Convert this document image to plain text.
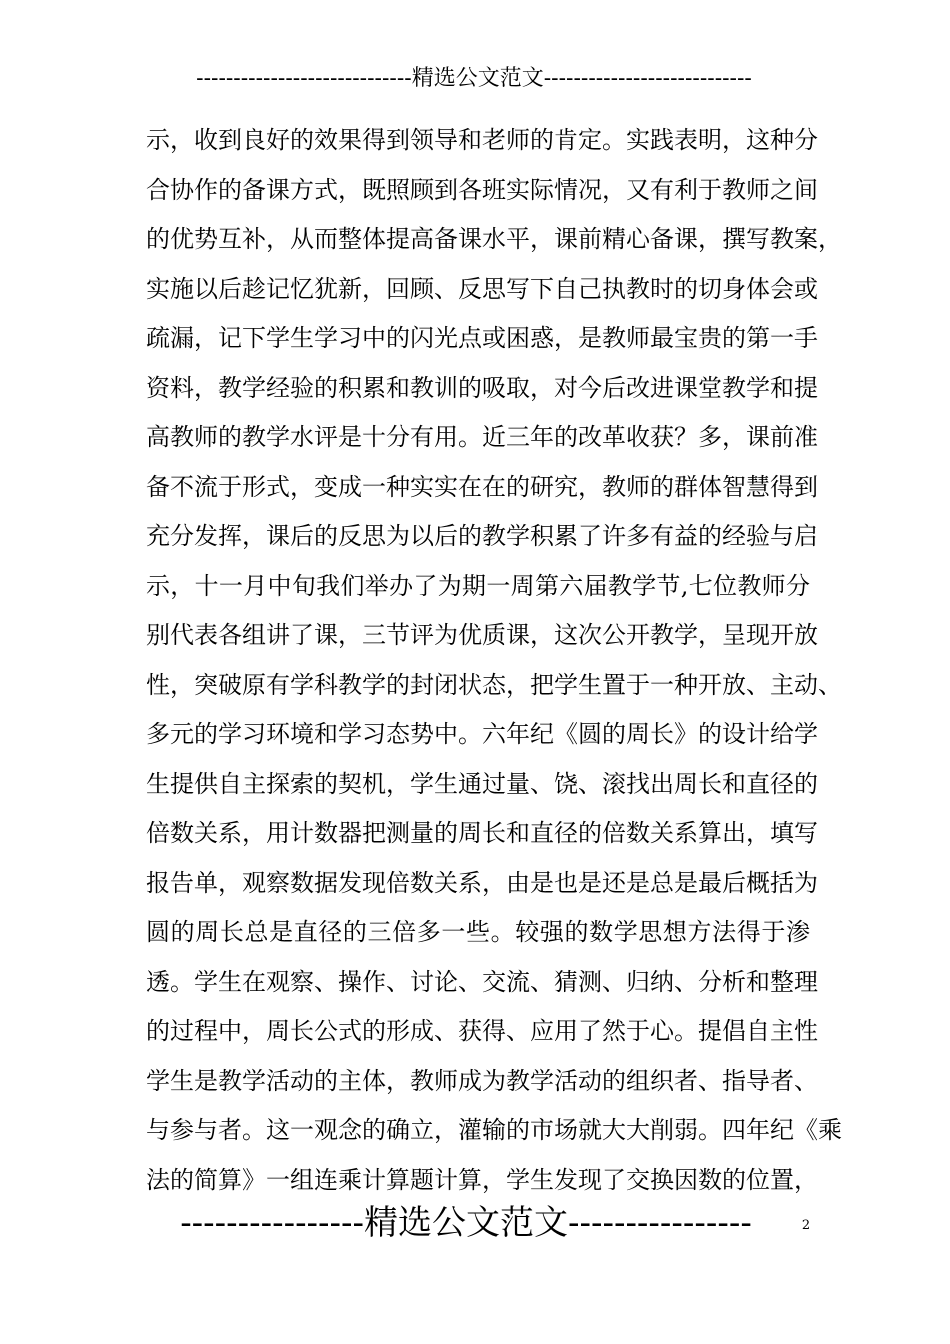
-----------------------------精选公文范文----------------------------
示，收到良好的效果得到领导和老师的肯定。实践表明，这种分
合协作的备课方式，既照顾到各班实际情况，又有利于教师之间
的优势互补，从而整体提高备课水平，课前精心备课，撰写教案，
实施以后趁记忆犹新，回顾、反思写下自己执教时的切身体会或
疏漏，记下学生学习中的闪光点或困惑，是教师最宝贵的第一手
资料，教学经验的积累和教训的吸取，对今后改进课堂教学和提
高教师的教学水评是十分有用。近三年的改革收获？多，课前准
备不流于形式，变成一种实实在在的研究，教师的群体智慧得到
充分发挥，课后的反思为以后的教学积累了许多有益的经验与启
示，十一月中旬我们举办了为期一周第六届教学节,七位教师分
别代表各组讲了课，三节评为优质课，这次公开教学，呈现开放
性，突破原有学科教学的封闭状态，把学生置于一种开放、主动、
多元的学习环境和学习态势中。六年纪《圆的周长》的设计给学
生提供自主探索的契机，学生通过量、饶、滚找出周长和直径的
倍数关系，用计数器把测量的周长和直径的倍数关系算出，填写
报告单，观察数据发现倍数关系，由是也是还是总是最后概括为
圆的周长总是直径的三倍多一些。较强的数学思想方法得于渗
透。学生在观察、操作、讨论、交流、猜测、归纳、分析和整理
的过程中，周长公式的形成、获得、应用了然于心。提倡自主性
学生是教学活动的主体，教师成为教学活动的组织者、指导者、
与参与者。这一观念的确立，灌输的市场就大大削弱。四年纪《乘
法的简算》一组连乘计算题计算，学生发现了交换因数的位置，
----------------精选公文范文----------------	2
